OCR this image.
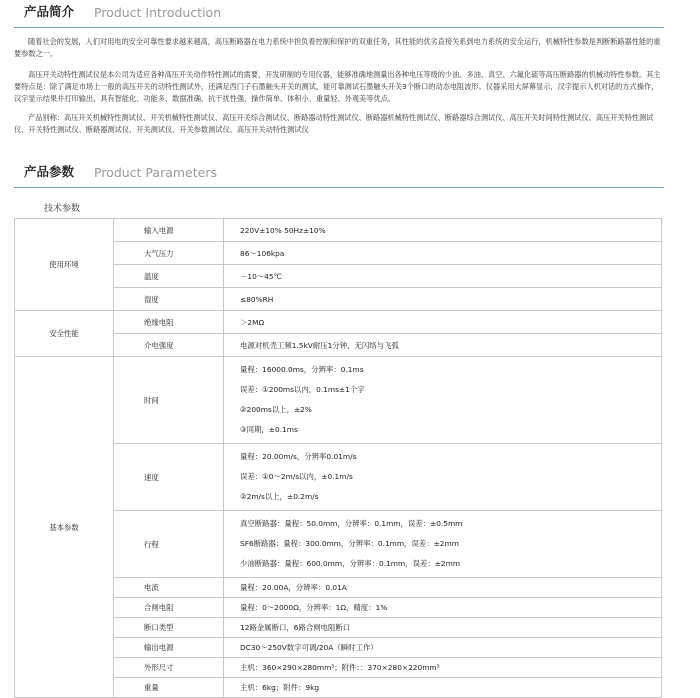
产品简介 Product Introduction

随着社会的发展，人们对用电的安全可靠性要求越来越高，高压断路器在电力系统中担负着控制和保护的双重任务，其性能的优劣直接关系到电力系统的安全运行，机械特性参数是判断断路器性能的重要参数之一。

高压开关动特性测试仪是本公司为适应各种高压开关动作特性测试的需要，开发研制的专用仪器，能够准确地测量出各种电压等级的少油、多油、真空、六氟化硫等高压断路器的机械动特性参数。其主要特点是：除了满足市场上一般的高压开关的动特性测试外，还满足西门子石墨触头开关的测试，能可靠测试石墨触头开关3个断口的动态电阻波形。仪器采用大屏幕显示，汉字提示人机对话的方式操作，汉字显示结果并打印输出，具有智能化、功能多、数据准确、抗干扰性强、操作简单、体积小、重量轻、外观美等优点。

产品别称：高压开关机械特性测试仪、开关机械特性测试仪、高压开关综合测试仪、断路器动特性测试仪、断路器机械特性测试仪、断路器综合测试仪、高压开关时间特性测试仪、高压开关特性测试仪、开关特性测试仪、断路器测试仪、开关测试仪、开关参数测试仪、高压开关动特性测试仪

产品参数 Product Parameters
技术参数
使用环境	输入电源	220V±10% 50Hz±10%
	大气压力	86～106kpa
	温度	－10～45℃
	湿度	≤80%RH
安全性能	绝缘电阻	＞2MΩ
	介电强度	电源对机壳工频1.5kV耐压1分钟，无闪络与飞弧
基本参数	时间	量程：16000.0ms，分辨率：0.1ms
误差：①200ms以内，0.1ms±1个字
②200ms以上，±2%
③同期，±0.1ms

	速度	量程：20.00m/s，分辨率0.01m/s
误差：①0～2m/s以内，±0.1m/s
②2m/s以上，±0.2m/s

	行程	真空断路器：量程：50.0mm，分辨率：0.1mm，误差：±0.5mm
SF6断路器：量程：300.0mm，分辨率：0.1mm，误差：±2mm
少油断路器：量程：600.0mm，分辨率：0.1mm，误差：±2mm

	电流	量程：20.00A，分辨率：0.01A
	合闸电阻	量程：0～2000Ω，分辨率：1Ω，精度：1%
	断口类型	12路金属断口，6路合闸电阻断口
	输出电源	DC30～250V数字可调/20A（瞬时工作）
	外形尺寸	主机：360×290×280mm³；附件：：370×280×220mm³
	重量	主机：6kg；附件：9kg
